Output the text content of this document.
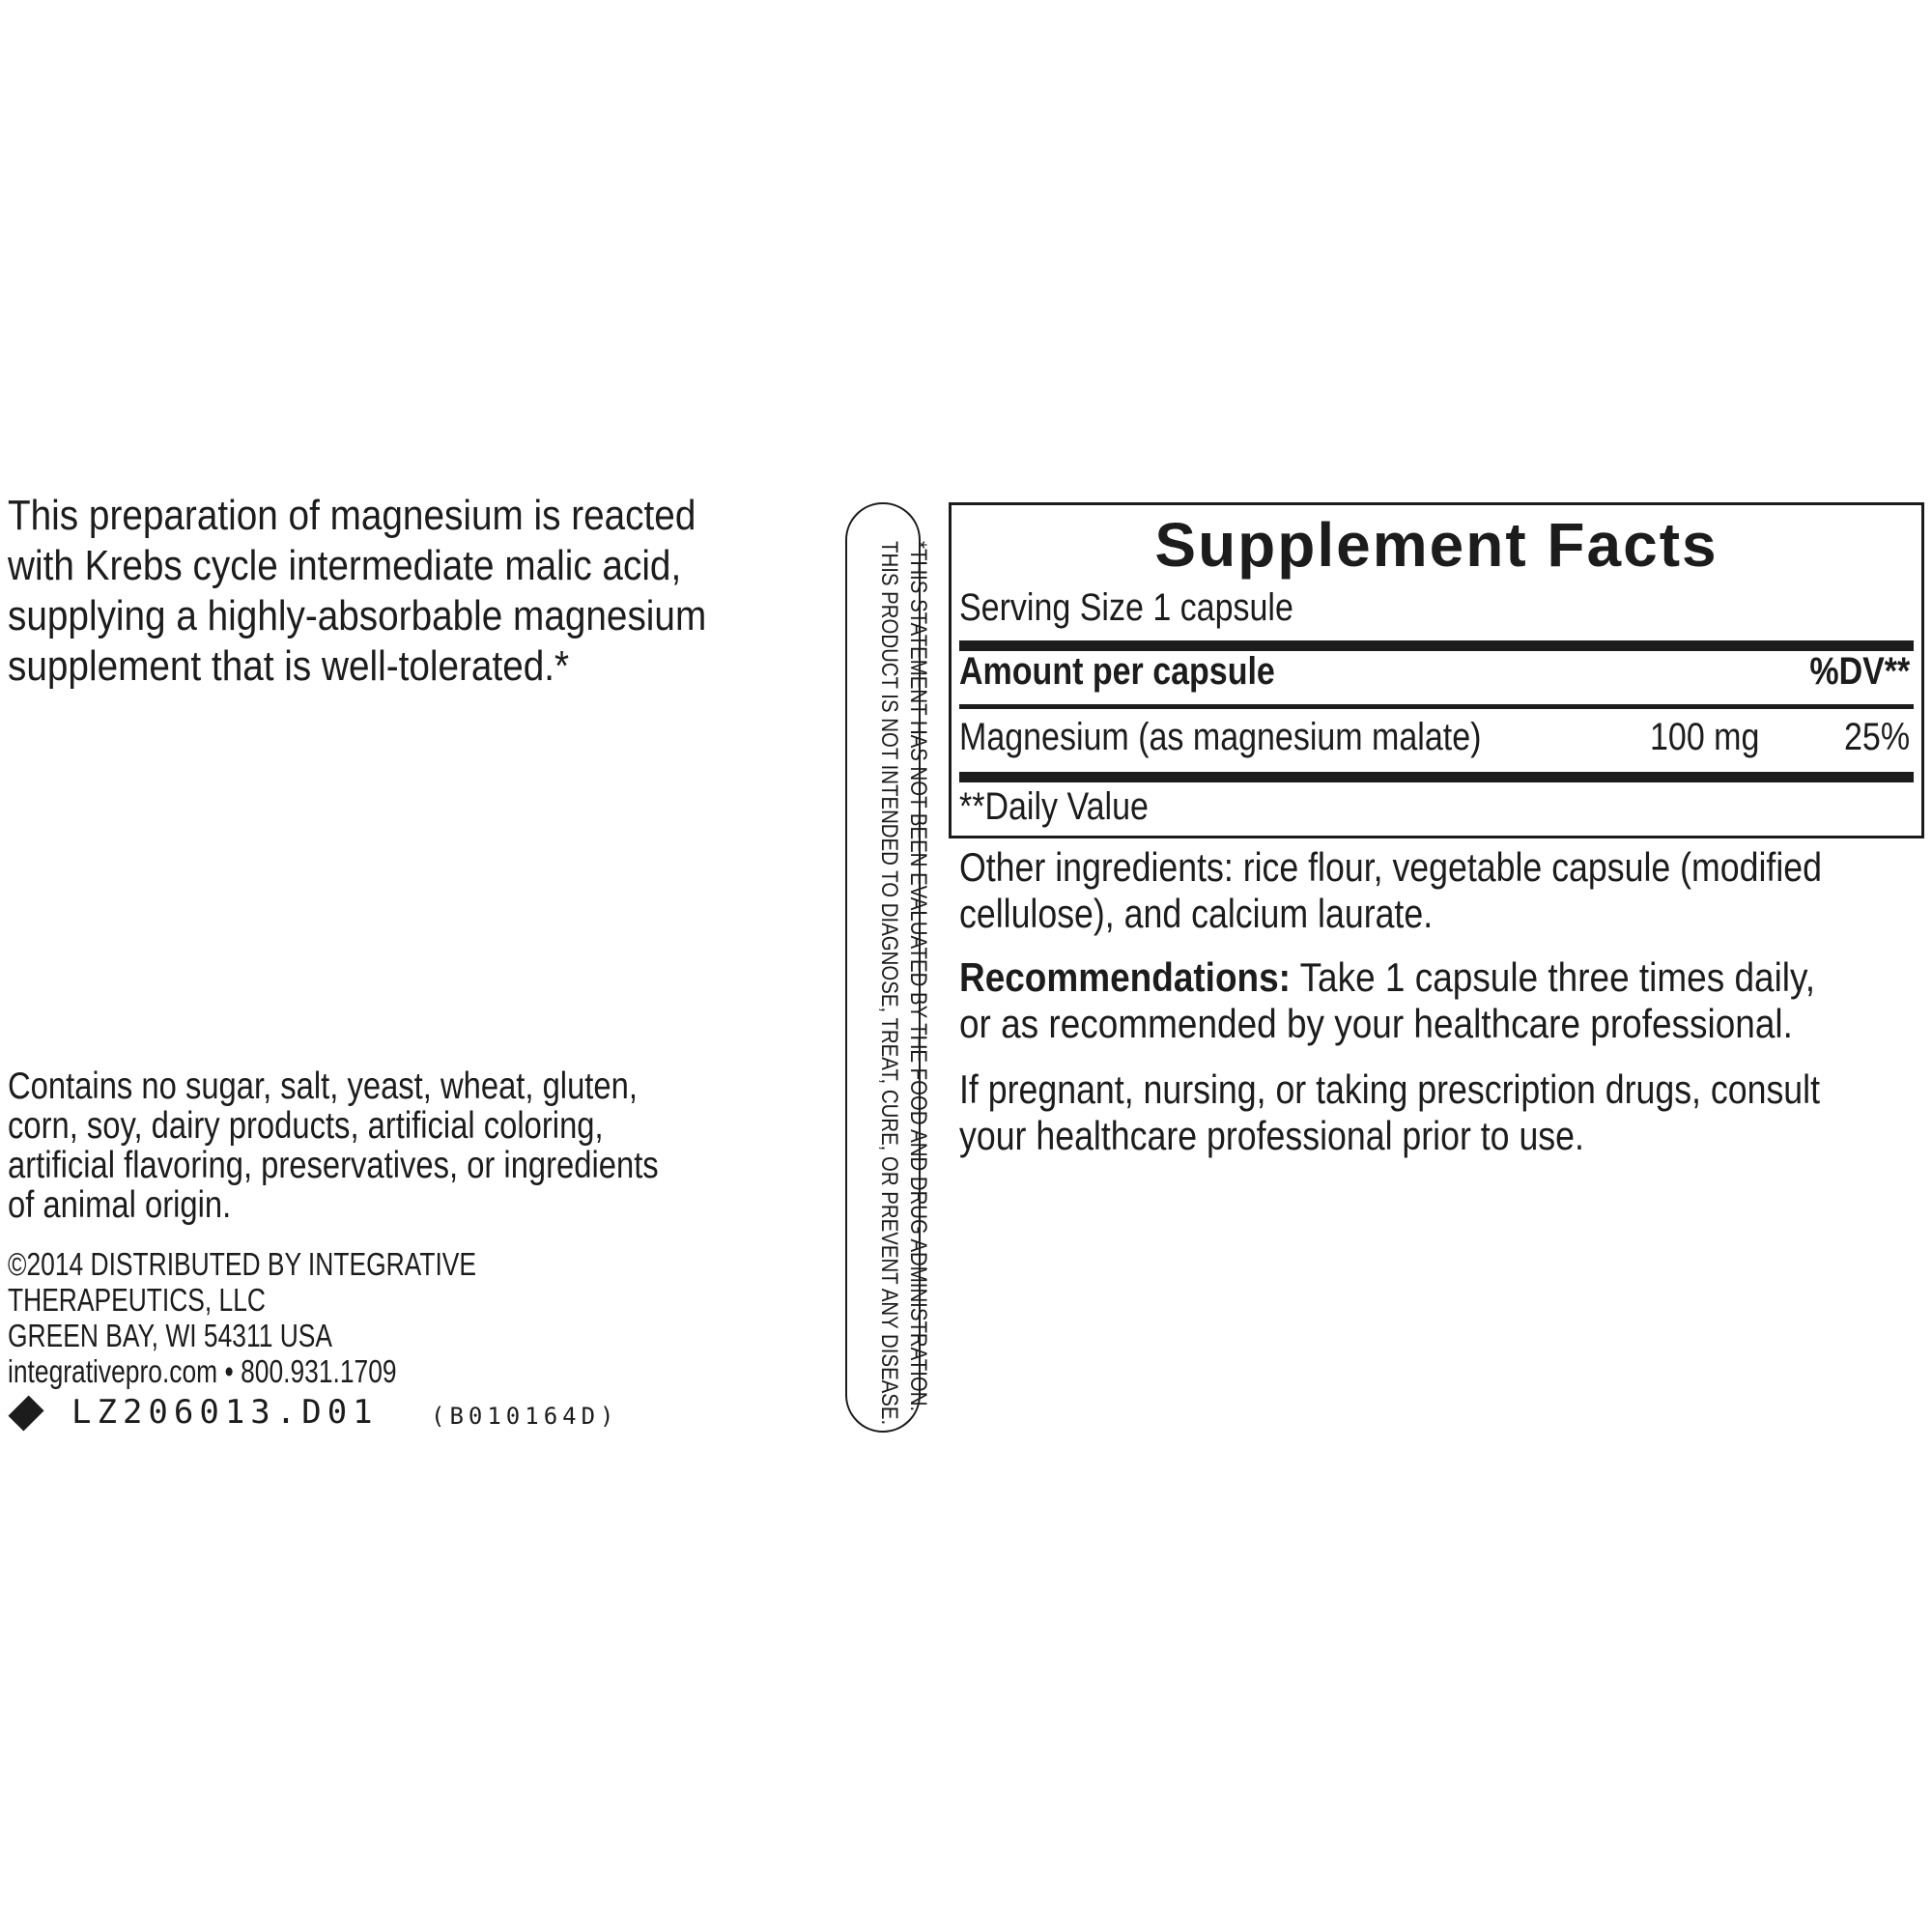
This preparation of magnesium is reacted
with Krebs cycle intermediate malic acid,
supplying a highly-absorbable magnesium
supplement that is well-tolerated.*
Contains no sugar, salt, yeast, wheat, gluten,
corn, soy, dairy products, artificial coloring,
artificial flavoring, preservatives, or ingredients
of animal origin.
©2014 DISTRIBUTED BY INTEGRATIVE THERAPEUTICS, LLC
GREEN BAY, WI 54311 USA
integrativepro.com • 800.931.1709
LZ206013.D01 (B010164D)
*THIS STATEMENT HAS NOT BEEN EVALUATED BY THE FOOD AND DRUG ADMINISTRATION.
THIS PRODUCT IS NOT INTENDED TO DIAGNOSE, TREAT, CURE, OR PREVENT ANY DISEASE.	Supplement Facts
Serving Size 1 capsule
Amount per capsule	%DV**
Magnesium (as magnesium malate)	100 mg 25%
**Daily Value
Other ingredients: rice flour, vegetable capsule (modified
cellulose), and calcium laurate.
Recommendations: Take 1 capsule three times daily,
or as recommended by your healthcare professional.
If pregnant, nursing, or taking prescription drugs, consult
your healthcare professional prior to use.
